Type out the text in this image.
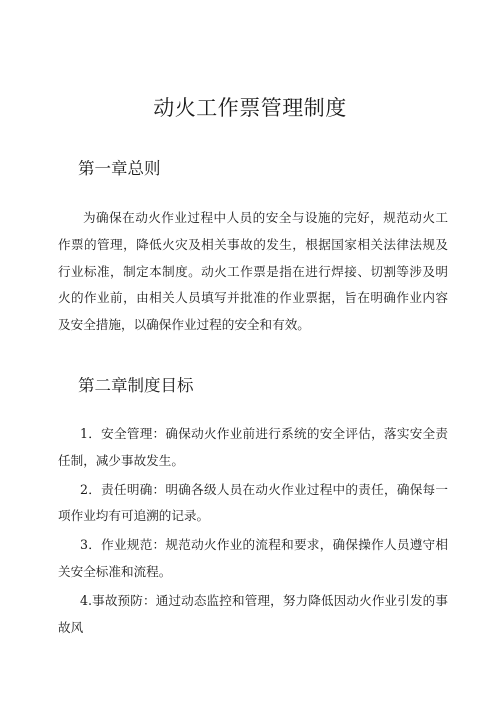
动火工作票管理制度
第一章总则

为确保在动火作业过程中人员的安全与设施的完好，规范动火工作票的管理，降低火灾及相关事故的发生，根据国家相关法律法规及行业标准，制定本制度。动火工作票是指在进行焊接、切割等涉及明火的作业前，由相关人员填写并批准的作业票据，旨在明确作业内容及安全措施，以确保作业过程的安全和有效。

第二章制度目标
1．安全管理：确保动火作业前进行系统的安全评估，落实安全责任制，减少事故发生。
2．责任明确：明确各级人员在动火作业过程中的责任，确保每一项作业均有可追溯的记录。
3．作业规范：规范动火作业的流程和要求，确保操作人员遵守相关安全标准和流程。
4.事故预防：通过动态监控和管理，努力降低因动火作业引发的事故风
